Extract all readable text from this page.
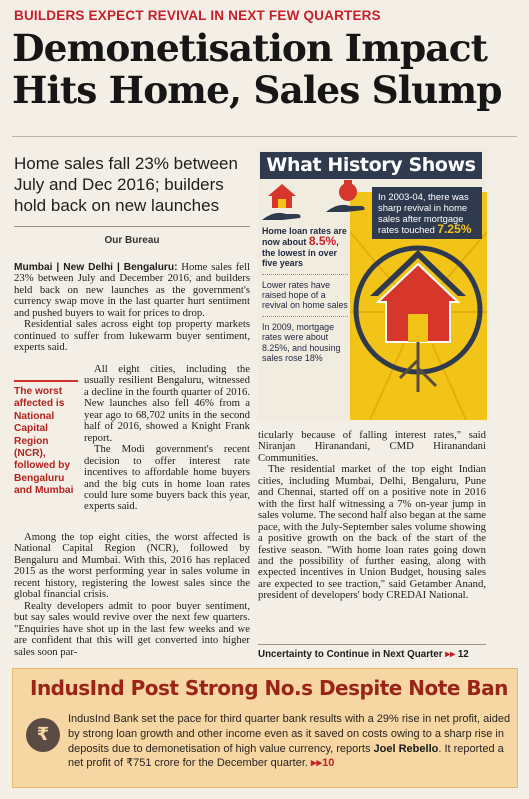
BUILDERS EXPECT REVIVAL IN NEXT FEW QUARTERS
Demonetisation Impact Hits Home, Sales Slump
Home sales fall 23% between July and Dec 2016; builders hold back on new launches
Our Bureau

Mumbai | New Delhi | Bengaluru: Home sales fell 23% between July and December 2016, and builders held back on new launches as the government's currency swap move in the last quarter hurt sentiment and pushed buyers to wait for prices to drop.

Residential sales across eight top property markets continued to suffer from lukewarm buyer sentiment, experts said.

The worst affected is National Capital Region (NCR), followed by Bengaluru and Mumbai

All eight cities, including the usually resilient Bengaluru, witnessed a decline in the fourth quarter of 2016. New launches also fell 46% from a year ago to 68,702 units in the second half of 2016, showed a Knight Frank report.

The Modi government's recent decision to offer interest rate incentives to affordable home buyers and the big cuts in home loan rates could lure some buyers back this year, experts said.

Among the top eight cities, the worst affected is National Capital Region (NCR), followed by Bengaluru and Mumbai. With this, 2016 has replaced 2015 as the worst performing year in sales volume in recent history, registering the lowest sales since the global financial crisis.

Realty developers admit to poor buyer sentiment, but say sales would revive over the next few quarters. "Enquiries have shot up in the last few weeks and we are confident that this will get converted into higher sales soon par-

What History Shows
In 2003-04, there was sharp revival in home sales after mortgage rates touched 7.25%
Home loan rates are now about 8.5%, the lowest in over five years
Lower rates have raised hope of a revival on home sales
In 2009, mortgage rates were about 8.25%, and housing sales rose 18%

ticularly because of falling interest rates," said Niranjan Hiranandani, CMD Hiranandani Communities.

The residential market of the top eight Indian cities, including Mumbai, Delhi, Bengaluru, Pune and Chennai, started off on a positive note in 2016 with the first half witnessing a 7% on-year jump in sales volume. The second half also began at the same pace, with the July-September sales volume showing a positive growth on the back of the start of the festive season. "With home loan rates going down and the possibility of further easing, along with expected incentives in Union Budget, housing sales are expected to see traction," said Getamber Anand, president of developers' body CREDAI National.

Uncertainty to Continue in Next Quarter ▸▸ 12
IndusInd Post Strong No.s Despite Note Ban
₹
IndusInd Bank set the pace for third quarter bank results with a 29% rise in net profit, aided by strong loan growth and other income even as it saved on costs owing to a sharp rise in deposits due to demonetisation of high value currency, reports Joel Rebello. It reported a net profit of ₹751 crore for the December quarter. ▸▸10
